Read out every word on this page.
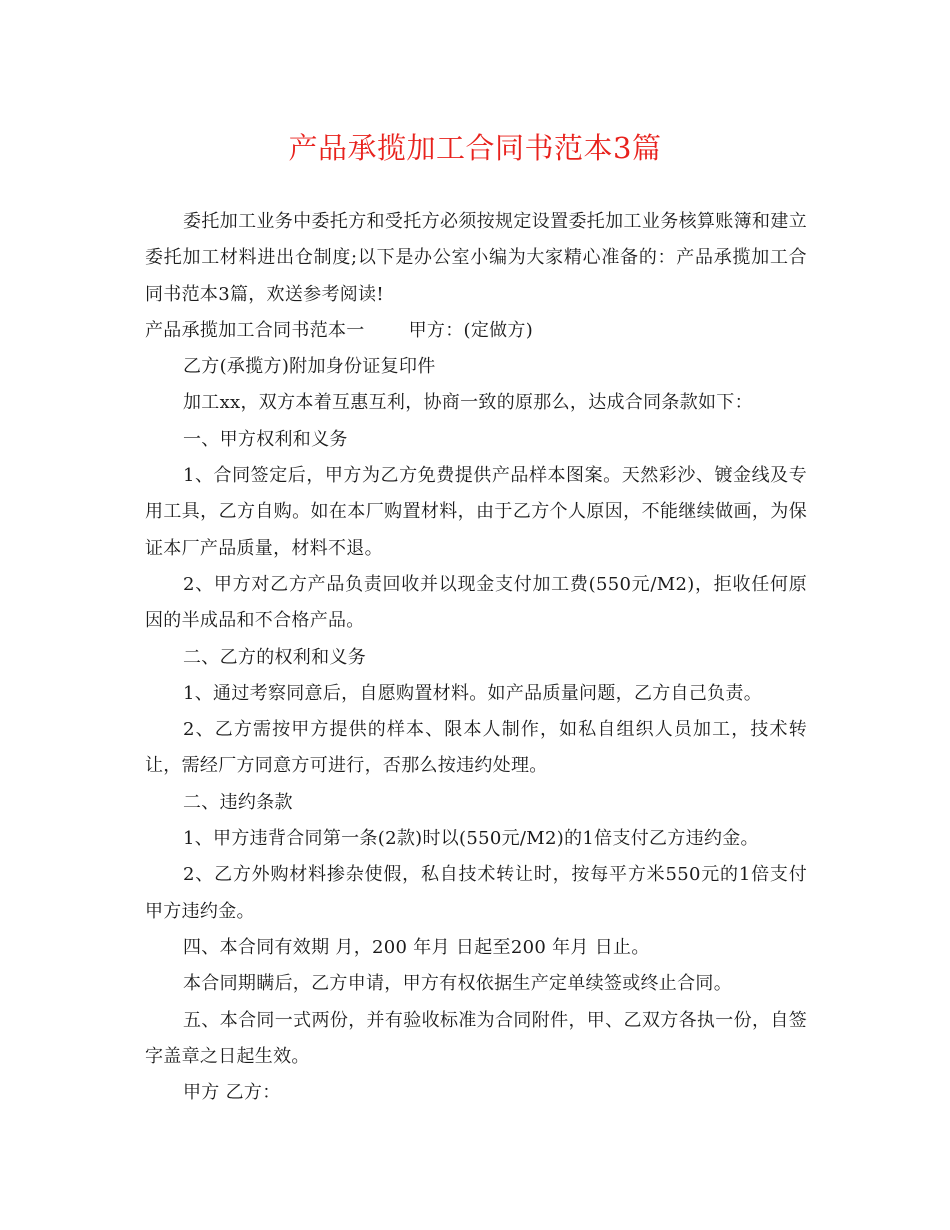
产品承揽加工合同书范本3篇

委托加工业务中委托方和受托方必须按规定设置委托加工业务核算账簿和建立委托加工材料进出仓制度;以下是办公室小编为大家精心准备的：产品承揽加工合同书范本3篇，欢送参考阅读!

产品承揽加工合同书范本一 甲方：(定做方)

乙方(承揽方)附加身份证复印件

加工xx，双方本着互惠互利，协商一致的原那么，达成合同条款如下：

一、甲方权利和义务

1、合同签定后，甲方为乙方免费提供产品样本图案。天然彩沙、镀金线及专用工具，乙方自购。如在本厂购置材料，由于乙方个人原因，不能继续做画，为保证本厂产品质量，材料不退。

2、甲方对乙方产品负责回收并以现金支付加工费(550元/M2)，拒收任何原因的半成品和不合格产品。

二、乙方的权利和义务

1、通过考察同意后，自愿购置材料。如产品质量问题，乙方自己负责。

2、乙方需按甲方提供的样本、限本人制作，如私自组织人员加工，技术转让，需经厂方同意方可进行，否那么按违约处理。

二、违约条款

1、甲方违背合同第一条(2款)时以(550元/M2)的1倍支付乙方违约金。

2、乙方外购材料掺杂使假，私自技术转让时，按每平方米550元的1倍支付甲方违约金。

四、本合同有效期 月，200 年月 日起至200 年月 日止。

本合同期瞒后，乙方申请，甲方有权依据生产定单续签或终止合同。

五、本合同一式两份，并有验收标准为合同附件，甲、乙双方各执一份，自签字盖章之日起生效。

甲方 乙方：
